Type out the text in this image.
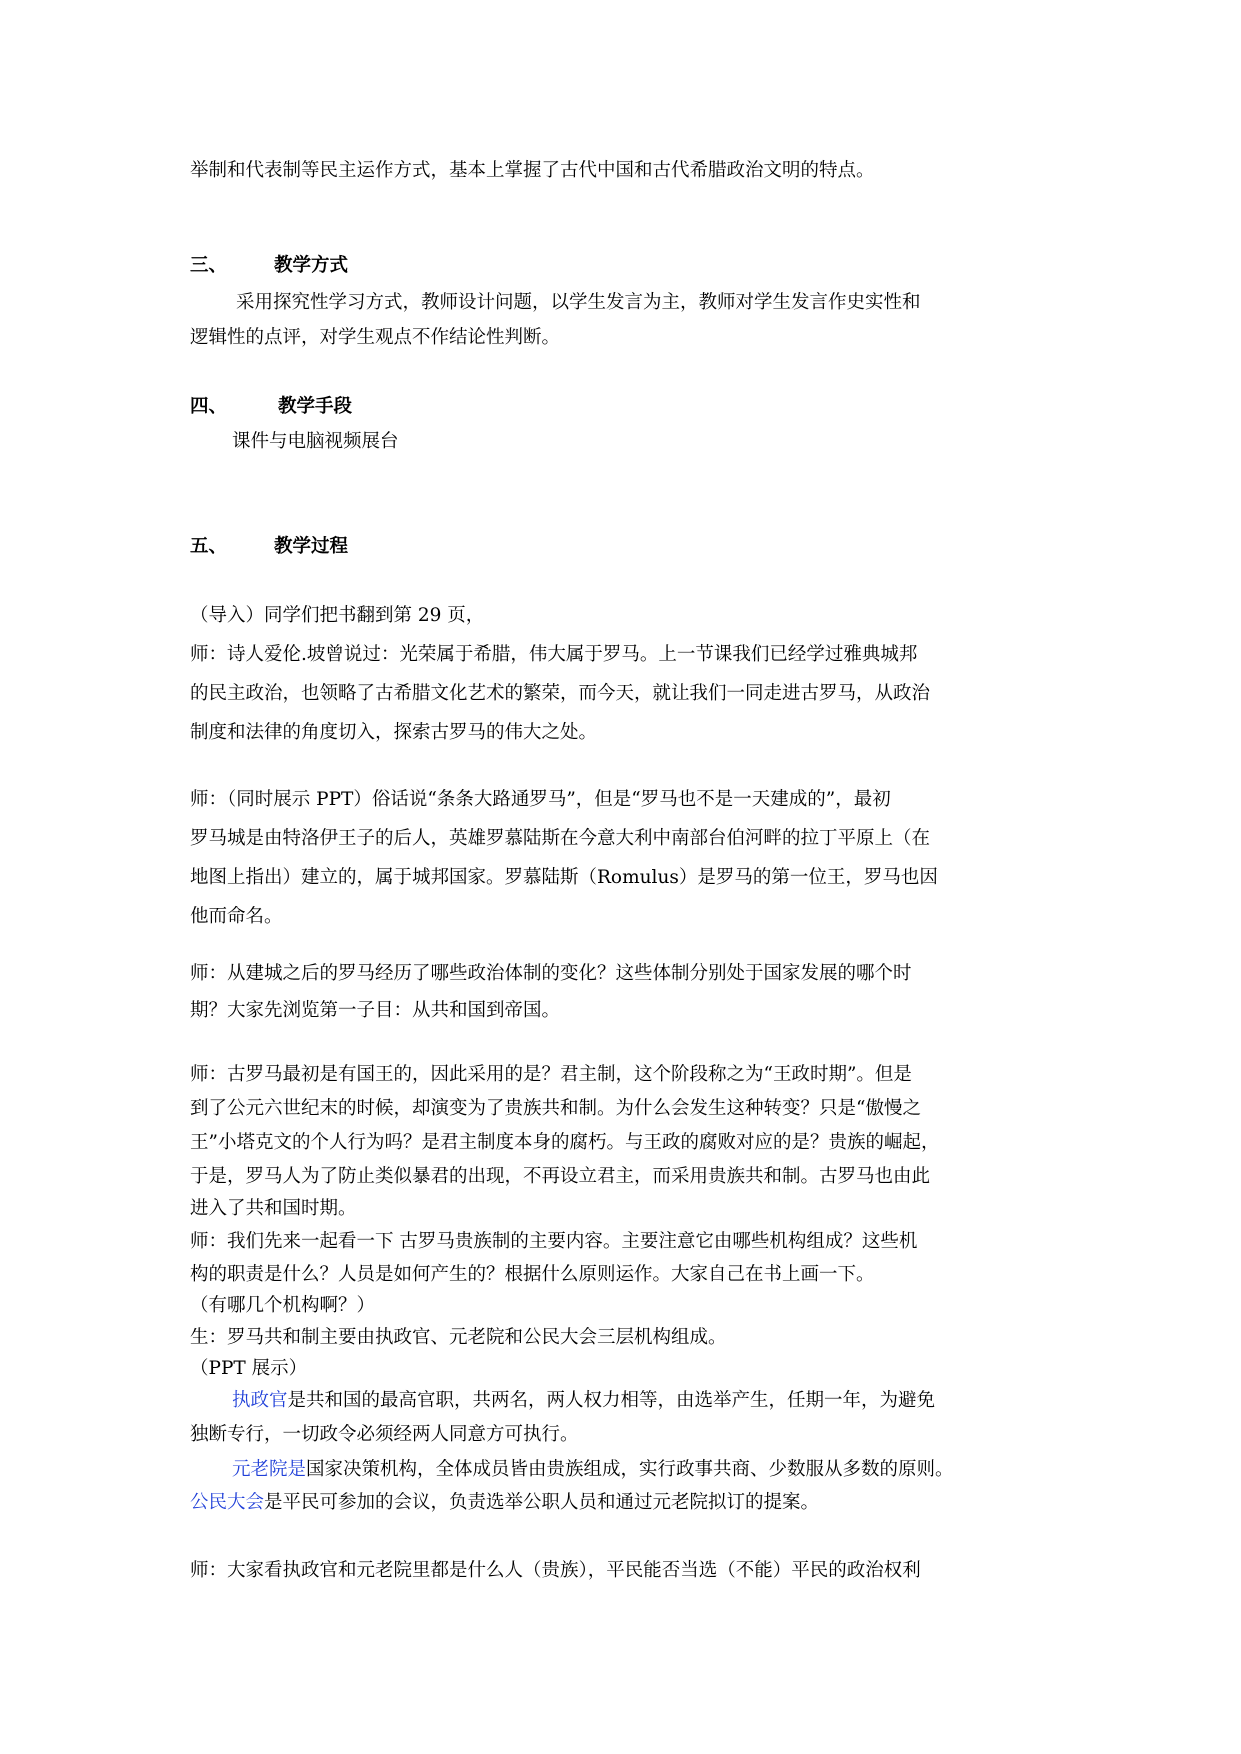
举制和代表制等民主运作方式，基本上掌握了古代中国和古代希腊政治文明的特点。
三、	教学方式
采用探究性学习方式，教师设计问题，以学生发言为主，教师对学生发言作史实性和
逻辑性的点评，对学生观点不作结论性判断。
四、	教学手段
课件与电脑视频展台
五、	教学过程
（导入）同学们把书翻到第 29 页，
师：诗人爱伦.坡曾说过：光荣属于希腊，伟大属于罗马。上一节课我们已经学过雅典城邦
的民主政治，也领略了古希腊文化艺术的繁荣，而今天，就让我们一同走进古罗马，从政治
制度和法律的角度切入，探索古罗马的伟大之处。
师：（同时展示 PPT）俗话说“条条大路通罗马”，但是“罗马也不是一天建成的”，最初
罗马城是由特洛伊王子的后人，英雄罗慕陆斯在今意大利中南部台伯河畔的拉丁平原上（在
地图上指出）建立的，属于城邦国家。罗慕陆斯（Romulus）是罗马的第一位王，罗马也因
他而命名。
师：从建城之后的罗马经历了哪些政治体制的变化？这些体制分别处于国家发展的哪个时
期？大家先浏览第一子目：从共和国到帝国。
师：古罗马最初是有国王的，因此采用的是？君主制，这个阶段称之为“王政时期”。但是
到了公元六世纪末的时候，却演变为了贵族共和制。为什么会发生这种转变？只是“傲慢之
王”小塔克文的个人行为吗？是君主制度本身的腐朽。与王政的腐败对应的是？贵族的崛起，
于是，罗马人为了防止类似暴君的出现，不再设立君主，而采用贵族共和制。古罗马也由此
进入了共和国时期。
师：我们先来一起看一下 古罗马贵族制的主要内容。主要注意它由哪些机构组成？这些机
构的职责是什么？人员是如何产生的？根据什么原则运作。大家自己在书上画一下。
（有哪几个机构啊？）
生：罗马共和制主要由执政官、元老院和公民大会三层机构组成。
（PPT 展示）
执政官是共和国的最高官职，共两名，两人权力相等，由选举产生，任期一年，为避免
独断专行，一切政令必须经两人同意方可执行。
元老院是国家决策机构，全体成员皆由贵族组成，实行政事共商、少数服从多数的原则。
公民大会是平民可参加的会议，负责选举公职人员和通过元老院拟订的提案。
师：大家看执政官和元老院里都是什么人（贵族），平民能否当选（不能）平民的政治权利
